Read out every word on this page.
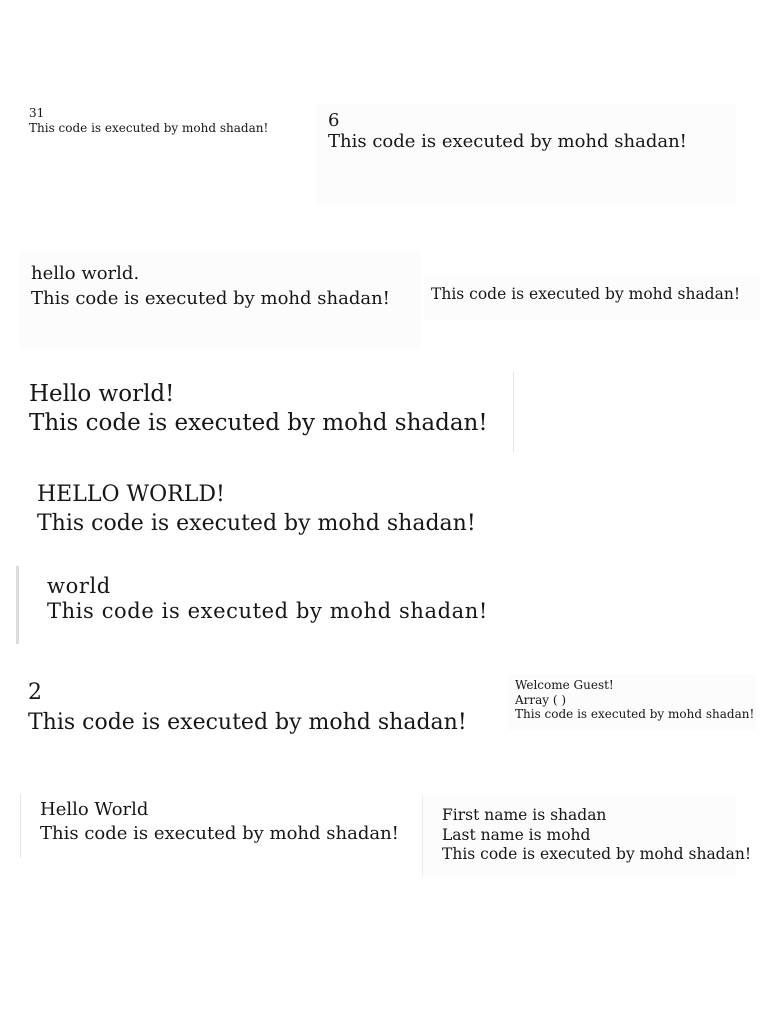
31
This code is executed by mohd shadan!	6
This code is executed by mohd shadan!
hello world.
This code is executed by mohd shadan!	This code is executed by mohd shadan!
Hello world!
This code is executed by mohd shadan!
HELLO WORLD!
This code is executed by mohd shadan!
world
This code is executed by mohd shadan!
2
This code is executed by mohd shadan!
Welcome Guest!
Array ( )
This code is executed by mohd shadan!
Hello World
This code is executed by mohd shadan!
First name is shadan
Last name is mohd
This code is executed by mohd shadan!
